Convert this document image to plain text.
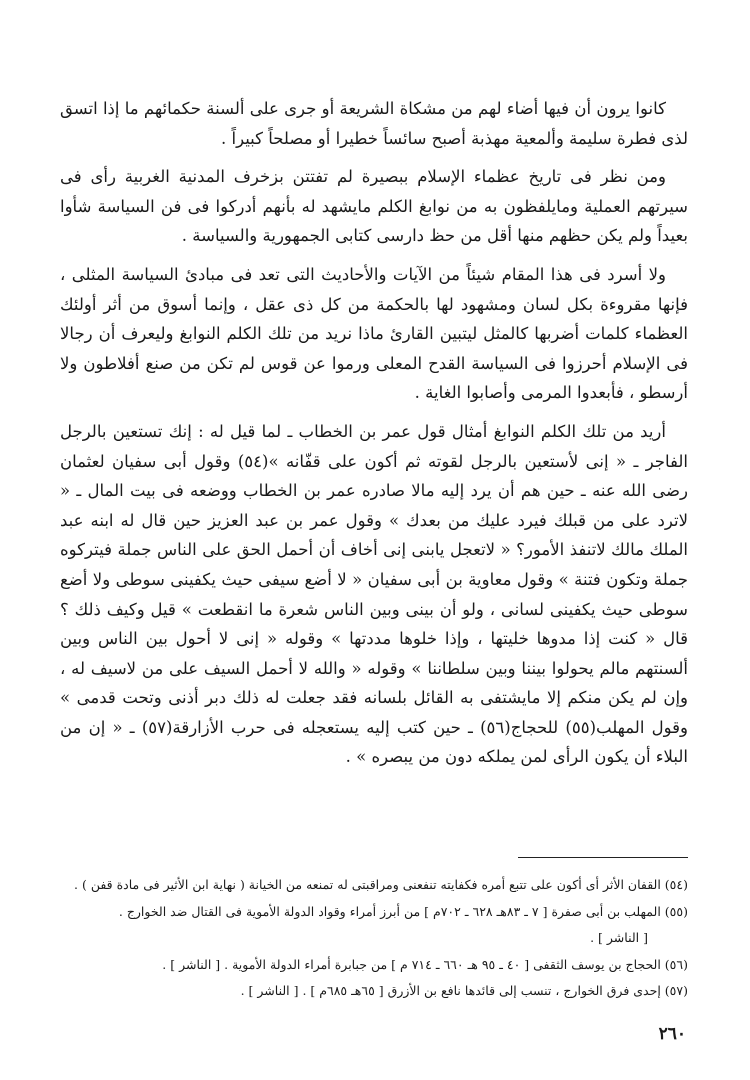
كانوا يرون أن فيها أضاء لهم من مشكاة الشريعة أو جرى على ألسنة حكمائهم ما إذا اتسق لذى فطرة سليمة وألمعية مهذبة أصبح سائساً خطيرا أو مصلحاً كبيراً .

ومن نظر فى تاريخ عظماء الإسلام ببصيرة لم تفتتن بزخرف المدنية الغربية رأى فى سيرتهم العملية ومايلفظون به من نوابغ الكلم مايشهد له بأنهم أدركوا فى فن السياسة شأوا بعيداً ولم يكن حظهم منها أقل من حظ دارسى كتابى الجمهورية والسياسة .

ولا أسرد فى هذا المقام شيئاً من الآيات والأحاديث التى تعد فى مبادئ السياسة المثلى ، فإنها مقروءة بكل لسان ومشهود لها بالحكمة من كل ذى عقل ، وإنما أسوق من أثر أولئك العظماء كلمات أضربها كالمثل ليتبين القارئ ماذا نريد من تلك الكلم النوابغ وليعرف أن رجالا فى الإسلام أحرزوا فى السياسة القدح المعلى ورموا عن قوس لم تكن من صنع أفلاطون ولا أرسطو ، فأبعدوا المرمى وأصابوا الغاية .

أريد من تلك الكلم النوابغ أمثال قول عمر بن الخطاب ـ لما قيل له : إنك تستعين بالرجل الفاجر ـ « إنى لأستعين بالرجل لقوته ثم أكون على قفّانه »(٥٤) وقول أبى سفيان لعثمان رضى الله عنه ـ حين هم أن يرد إليه مالا صادره عمر بن الخطاب ووضعه فى بيت المال ـ « لاترد على من قبلك فيرد عليك من بعدك » وقول عمر بن عبد العزيز حين قال له ابنه عبد الملك مالك لاتنفذ الأمور؟ « لاتعجل يابنى إنى أخاف أن أحمل الحق على الناس جملة فيتركوه جملة وتكون فتنة » وقول معاوية بن أبى سفيان « لا أضع سيفى حيث يكفينى سوطى ولا أضع سوطى حيث يكفينى لسانى ، ولو أن بينى وبين الناس شعرة ما انقطعت » قيل وكيف ذلك ؟ قال « كنت إذا مدوها خليتها ، وإذا خلوها مددتها » وقوله « إنى لا أحول بين الناس وبين ألسنتهم مالم يحولوا بيننا وبين سلطاننا » وقوله « والله لا أحمل السيف على من لاسيف له ، وإن لم يكن منكم إلا مايشتفى به القائل بلسانه فقد جعلت له ذلك دبر أذنى وتحت قدمى » وقول المهلب(٥٥) للحجاج(٥٦) ـ حين كتب إليه يستعجله فى حرب الأزارقة(٥٧) ـ « إن من البلاء أن يكون الرأى لمن يملكه دون من يبصره » .

(٥٤) القفان الأثر أى أكون على تتبع أمره فكفايته تنفعنى ومراقبتى له تمنعه من الخيانة ( نهاية ابن الأثير فى مادة قفن ) .

(٥٥) المهلب بن أبى صفرة [ ٧ ـ ٨٣هـ ٦٢٨ ـ ٧٠٢م ] من أبرز أمراء وقواد الدولة الأموية فى القتال ضد الخوارج .

[ الناشر ] .

(٥٦) الحجاج بن يوسف الثقفى [ ٤٠ ـ ٩٥ هـ ٦٦٠ ـ ٧١٤ م ] من جبابرة أمراء الدولة الأموية . [ الناشر ] .

(٥٧) إحدى فرق الخوارج ، تنسب إلى قائدها نافع بن الأزرق [ ٦٥هـ ٦٨٥م ] . [ الناشر ] .

٢٦٠
